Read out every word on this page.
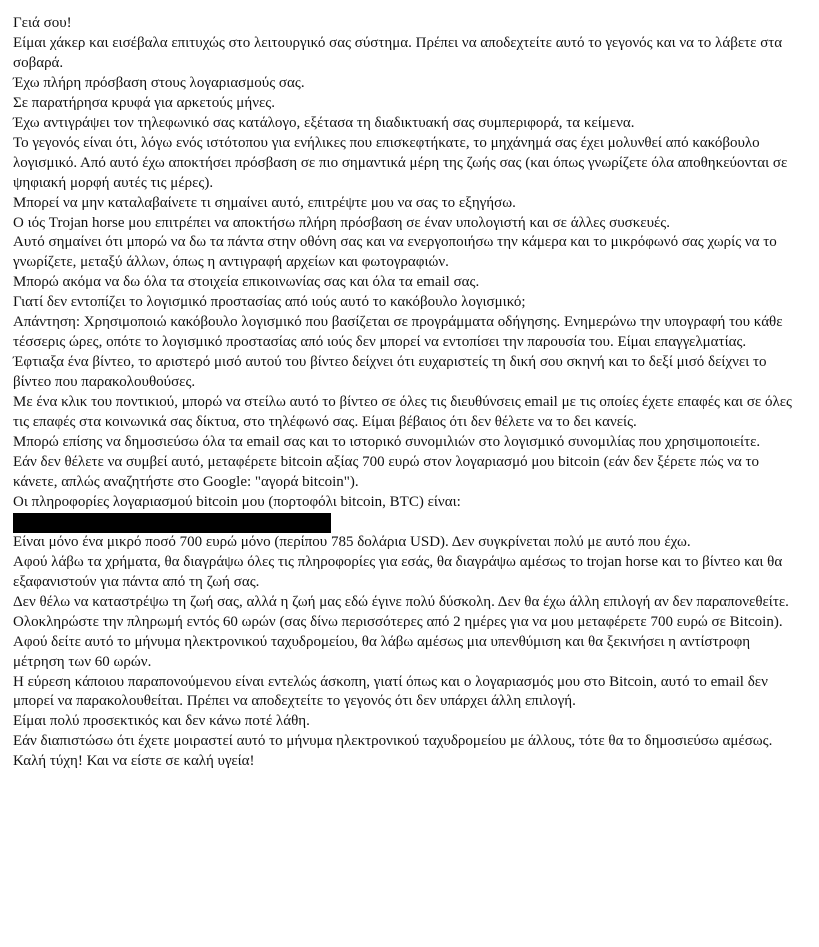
Γειά σου!

Είμαι χάκερ και εισέβαλα επιτυχώς στο λειτουργικό σας σύστημα. Πρέπει να αποδεχτείτε αυτό το γεγονός και να το λάβετε στα σοβαρά.

Έχω πλήρη πρόσβαση στους λογαριασμούς σας.

Σε παρατήρησα κρυφά για αρκετούς μήνες.

Έχω αντιγράψει τον τηλεφωνικό σας κατάλογο, εξέτασα τη διαδικτυακή σας συμπεριφορά, τα κείμενα.

Το γεγονός είναι ότι, λόγω ενός ιστότοπου για ενήλικες που επισκεφτήκατε, το μηχάνημά σας έχει μολυνθεί από κακόβουλο λογισμικό. Από αυτό έχω αποκτήσει πρόσβαση σε πιο σημαντικά μέρη της ζωής σας (και όπως γνωρίζετε όλα αποθηκεύονται σε ψηφιακή μορφή αυτές τις μέρες).

Μπορεί να μην καταλαβαίνετε τι σημαίνει αυτό, επιτρέψτε μου να σας το εξηγήσω.

Ο ιός Trojan horse μου επιτρέπει να αποκτήσω πλήρη πρόσβαση σε έναν υπολογιστή και σε άλλες συσκευές.

Αυτό σημαίνει ότι μπορώ να δω τα πάντα στην οθόνη σας και να ενεργοποιήσω την κάμερα και το μικρόφωνό σας χωρίς να το γνωρίζετε, μεταξύ άλλων, όπως η αντιγραφή αρχείων και φωτογραφιών.

Μπορώ ακόμα να δω όλα τα στοιχεία επικοινωνίας σας και όλα τα email σας.

Γιατί δεν εντοπίζει το λογισμικό προστασίας από ιούς αυτό το κακόβουλο λογισμικό;

Απάντηση: Χρησιμοποιώ κακόβουλο λογισμικό που βασίζεται σε προγράμματα οδήγησης. Ενημερώνω την υπογραφή του κάθε τέσσερις ώρες, οπότε το λογισμικό προστασίας από ιούς δεν μπορεί να εντοπίσει την παρουσία του. Είμαι επαγγελματίας.

Έφτιαξα ένα βίντεο, το αριστερό μισό αυτού του βίντεο δείχνει ότι ευχαριστείς τη δική σου σκηνή και το δεξί μισό δείχνει το βίντεο που παρακολουθούσες.

Με ένα κλικ του ποντικιού, μπορώ να στείλω αυτό το βίντεο σε όλες τις διευθύνσεις email με τις οποίες έχετε επαφές και σε όλες τις επαφές στα κοινωνικά σας δίκτυα, στο τηλέφωνό σας. Είμαι βέβαιος ότι δεν θέλετε να το δει κανείς.

Μπορώ επίσης να δημοσιεύσω όλα τα email σας και το ιστορικό συνομιλιών στο λογισμικό συνομιλίας που χρησιμοποιείτε.

Εάν δεν θέλετε να συμβεί αυτό, μεταφέρετε bitcoin αξίας 700 ευρώ στον λογαριασμό μου bitcoin (εάν δεν ξέρετε πώς να το κάνετε, απλώς αναζητήστε στο Google: "αγορά bitcoin").

Οι πληροφορίες λογαριασμού bitcoin μου (πορτοφόλι bitcoin, BTC) είναι:

Είναι μόνο ένα μικρό ποσό 700 ευρώ μόνο (περίπου 785 δολάρια USD). Δεν συγκρίνεται πολύ με αυτό που έχω.

Αφού λάβω τα χρήματα, θα διαγράψω όλες τις πληροφορίες για εσάς, θα διαγράψω αμέσως το trojan horse και το βίντεο και θα εξαφανιστούν για πάντα από τη ζωή σας.

Δεν θέλω να καταστρέψω τη ζωή σας, αλλά η ζωή μας εδώ έγινε πολύ δύσκολη. Δεν θα έχω άλλη επιλογή αν δεν παραπονεθείτε.

Ολοκληρώστε την πληρωμή εντός 60 ωρών (σας δίνω περισσότερες από 2 ημέρες για να μου μεταφέρετε 700 ευρώ σε Bitcoin). Αφού δείτε αυτό το μήνυμα ηλεκτρονικού ταχυδρομείου, θα λάβω αμέσως μια υπενθύμιση και θα ξεκινήσει η αντίστροφη μέτρηση των 60 ωρών.

Η εύρεση κάποιου παραπονούμενου είναι εντελώς άσκοπη, γιατί όπως και ο λογαριασμός μου στο Bitcoin, αυτό το email δεν μπορεί να παρακολουθείται. Πρέπει να αποδεχτείτε το γεγονός ότι δεν υπάρχει άλλη επιλογή.

Είμαι πολύ προσεκτικός και δεν κάνω ποτέ λάθη.

Εάν διαπιστώσω ότι έχετε μοιραστεί αυτό το μήνυμα ηλεκτρονικού ταχυδρομείου με άλλους, τότε θα το δημοσιεύσω αμέσως.

Καλή τύχη! Και να είστε σε καλή υγεία!
